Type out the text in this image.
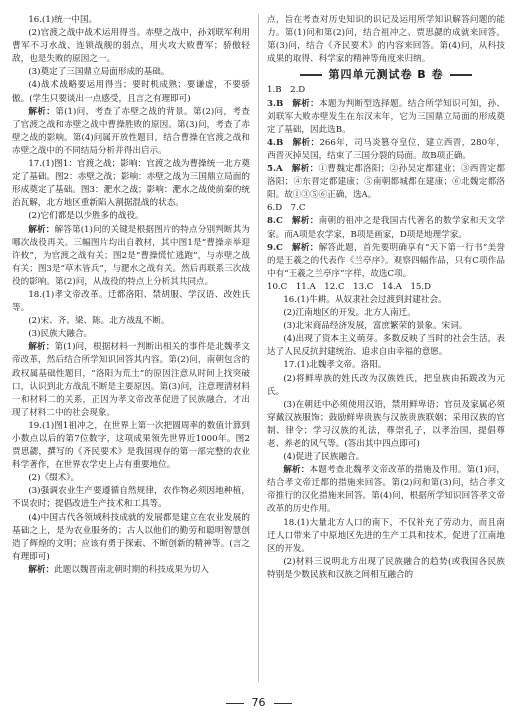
16.(1)统一中国。

(2)官渡之战中战术运用得当。赤壁之战中，孙刘联军利用曹军不习水战、连锁战舰的弱点，用火攻大败曹军；骄傲轻敌，也是失败的原因之一。

(3)奠定了三国鼎立局面形成的基础。

(4)战术战略要运用得当；要时机成熟；要谦虚，不要骄傲。(学生只要谈出一点感受，且言之有理即可)

解析：第(1)问，考查了赤壁之战的背景。第(2)问，考查了官渡之战和赤壁之战中曹操胜败的原因。第(3)问，考查了赤壁之战的影响。第(4)问属开放性题目，结合曹操在官渡之战和赤壁之战中的不同结局分析并得出启示。

17.(1)图1：官渡之战；影响：官渡之战为曹操统一北方奠定了基础。图2：赤壁之战；影响：赤壁之战为三国鼎立局面的形成奠定了基础。图3：淝水之战；影响：淝水之战使前秦的统治瓦解，北方地区重新陷入割据混战的状态。

(2)它们都是以少胜多的战役。

解析：解答第(1)问的关键是根据图片的特点分别判断其为哪次战役再关。三幅图片均出自教材，其中图1是“曹操亲举迎许攸”，为官渡之战有关；图2是“曹操慌忙逃跑”，与赤壁之战有关；图3是“草木皆兵”，与淝水之战有关。然后再联系三次战役的影响。第(2)问，从战役的特点上分析其共同点。

18.(1)孝文帝改革。迁都洛阳、禁胡服、学汉语、改姓氏等。

(2)宋、齐、梁、陈。北方战乱不断。

(3)民族大融合。

解析：第(1)问，根据材料一判断出相关的事件是北魏孝文帝改革，然后结合所学知识回答其内容。第(2)问，南朝包含的政权属基础性题目，“洛阳为荒土”的原因注意从时间上找突破口，认识到北方战乱不断是主要原因。第(3)问，注意理清材料一和材料二的关系，正因为孝文帝改革促进了民族融合，才出现了材料二中的社会现象。

19.(1)图1祖冲之，在世界上第一次把圆周率的数值计算到小数点以后的第7位数字，这项成果领先世界近1000年。图2贾思勰，撰写的《齐民要术》是我国现存的第一部完整的农业科学著作，在世界农学史上占有重要地位。

(2)《缀术》。

(3)强调农业生产要遵循自然规律，农作物必须因地种植，不误农时；提倡改进生产技术和工具等。

(4)中国古代各领域科技成就的发展都是建立在农业发展的基础之上，是为农业服务的；古人以他们的勤劳和聪明智慧创造了辉煌的文明；应该有勇于探索、不断创新的精神等。(言之有理即可)

解析：此题以魏晋南北朝时期的科技成果为切入

点，旨在考查对历史知识的识记及运用所学知识解答问题的能力。第(1)问和第(2)问，结合祖冲之、贾思勰的成就来回答。第(3)问，结合《齐民要术》的内容来回答。第(4)问，从科技成果的取得、科学家的精神等角度来归纳。

第四单元测试卷 B 卷

1.B　2.D

3.B　解析：本题为判断型选择题。结合所学知识可知，孙、刘联军大败赤壁发生在东汉末年，它为三国鼎立局面的形成奠定了基础，因此选B。

4.B　解析：266年，司马炎篡夺皇位，建立西晋，280年，西晋灭掉吴国，结束了三国分裂的局面。故B项正确。

5.A　解析：①曹魏定都洛阳；②孙吴定都建业；③西晋定都洛阳；④东晋定都建康；⑤南朝都城都在建康；⑥北魏定都洛阳。故①③⑤⑥正确，选A。

6.D　7.C

8.C　解析：南朝的祖冲之是我国古代著名的数学家和天文学家。而A项是农学家，B项是画家，D项是地理学家。

9.C　解析：解答此题，首先要明确享有“天下第一行书”美誉的是王羲之的代表作《兰亭序》。观察四幅作品，只有C项作品中有“王羲之兰亭序”字样，故选C项。

10.C　11.A　12.C　13.C　14.A　15.D

16.(1)牛耕。从奴隶社会过渡到封建社会。

(2)江南地区的开发。北方人南迁。

(3)北宋商品经济发展，富庶繁荣的景象。宋词。

(4)出现了资本主义萌芽。多数反映了当时的社会生活，表达了人民反抗封建统治、追求自由幸福的意愿。

17.(1)北魏孝文帝。洛阳。

(2)将鲜卑族的姓氏改为汉族姓氏，把皇族由拓跋改为元氏。

(3)在朝廷中必须使用汉语，禁用鲜卑语；官员及家属必须穿戴汉族服饰；鼓励鲜卑贵族与汉族贵族联姻；采用汉族的官制、律令；学习汉族的礼法，尊崇孔子，以孝治国，提倡尊老、养老的风气等。(答出其中四点即可)

(4)促进了民族融合。

解析：本题考查北魏孝文帝改革的措施及作用。第(1)问，结合孝文帝迁都的措施来回答。第(2)问和第(3)问，结合孝文帝推行的汉化措施来回答。第(4)问，根据所学知识回答孝文帝改革的历史作用。

18.(1)大量北方人口的南下，不仅补充了劳动力，而且南迁人口带来了中原地区先进的生产工具和技术，促进了江南地区的开发。

(2)材料三说明北方出现了民族融合的趋势(或我国各民族特别是少数民族和汉族之间相互融合的

76
